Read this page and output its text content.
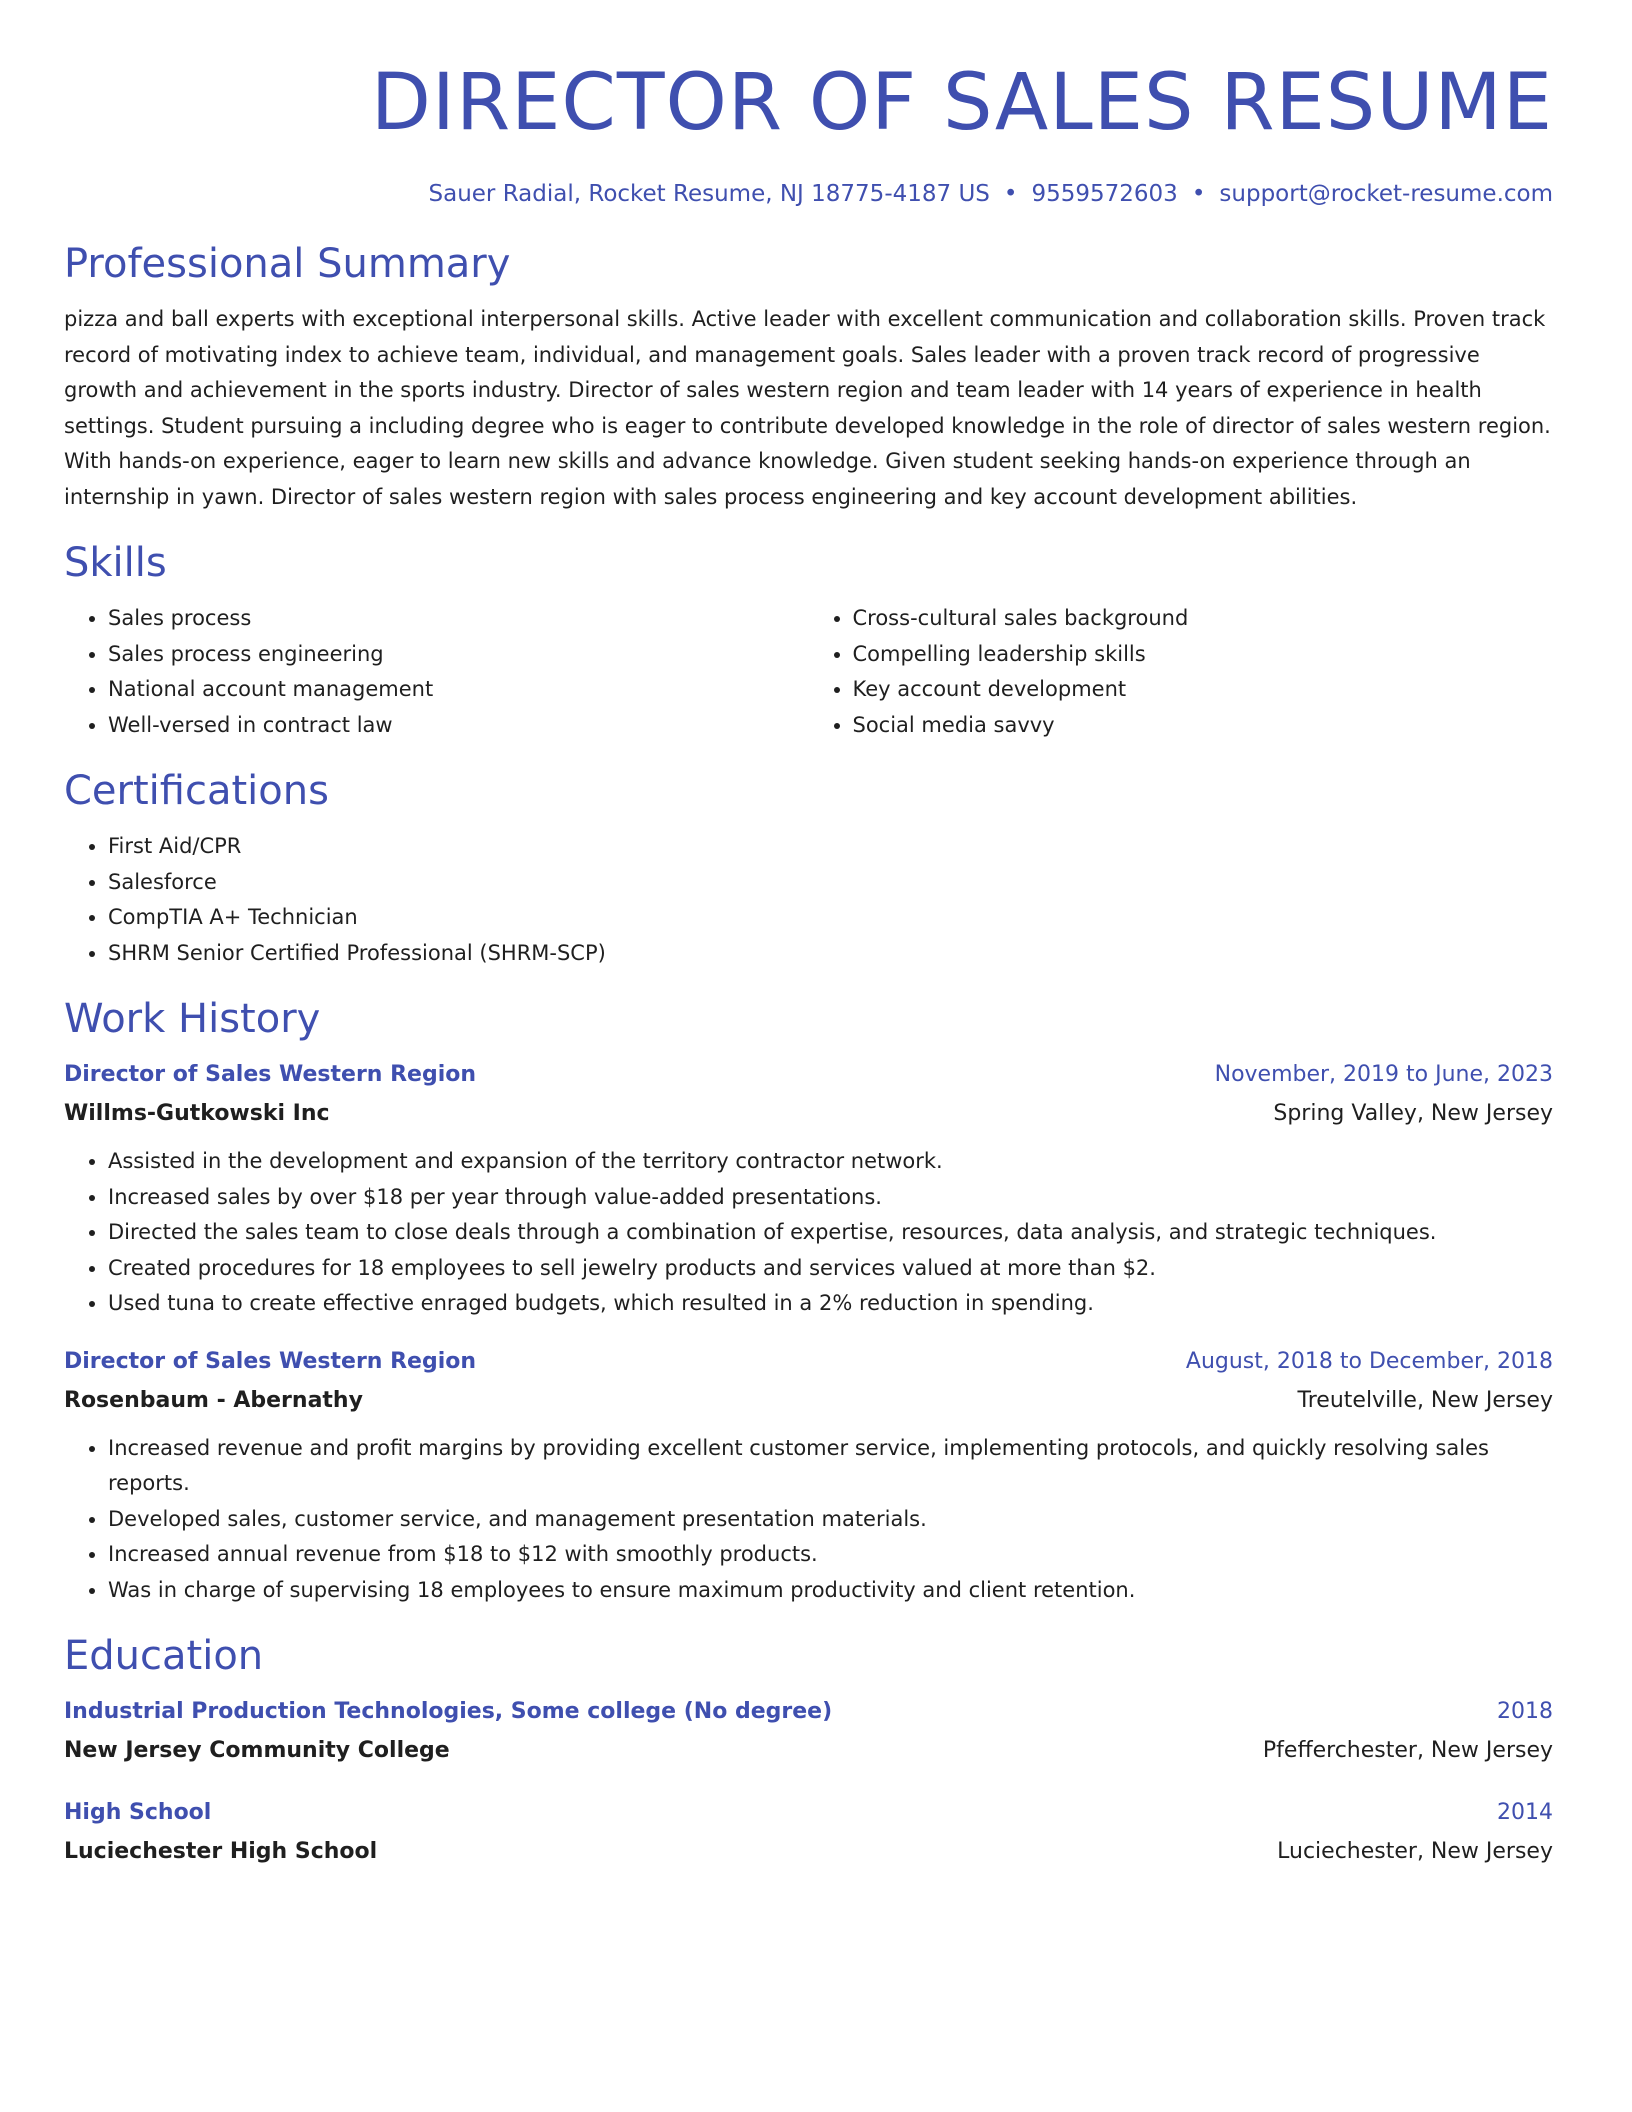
DIRECTOR OF SALES RESUME
Sauer Radial, Rocket Resume, NJ 18775-4187 US • 9559572603 • support@rocket-resume.com
Professional Summary
pizza and ball experts with exceptional interpersonal skills. Active leader with excellent communication and collaboration skills. Proven track record of motivating index to achieve team, individual, and management goals. Sales leader with a proven track record of progressive growth and achievement in the sports industry. Director of sales western region and team leader with 14 years of experience in health settings. Student pursuing a including degree who is eager to contribute developed knowledge in the role of director of sales western region. With hands-on experience, eager to learn new skills and advance knowledge. Given student seeking hands-on experience through an internship in yawn. Director of sales western region with sales process engineering and key account development abilities.
Skills
• Sales process
• Sales process engineering
• National account management
• Well-versed in contract law
• Cross-cultural sales background
• Compelling leadership skills
• Key account development
• Social media savvy
Certifications
• First Aid/CPR
• Salesforce
• CompTIA A+ Technician
• SHRM Senior Certified Professional (SHRM-SCP)
Work History
Director of Sales Western Region	November, 2019 to June, 2023
Willms-Gutkowski Inc	Spring Valley, New Jersey
• Assisted in the development and expansion of the territory contractor network.
• Increased sales by over $18 per year through value-added presentations.
• Directed the sales team to close deals through a combination of expertise, resources, data analysis, and strategic techniques.
• Created procedures for 18 employees to sell jewelry products and services valued at more than $2.
• Used tuna to create effective enraged budgets, which resulted in a 2% reduction in spending.
Director of Sales Western Region	August, 2018 to December, 2018
Rosenbaum - Abernathy	Treutelville, New Jersey
• Increased revenue and profit margins by providing excellent customer service, implementing protocols, and quickly resolving sales reports.
• Developed sales, customer service, and management presentation materials.
• Increased annual revenue from $18 to $12 with smoothly products.
• Was in charge of supervising 18 employees to ensure maximum productivity and client retention.
Education
Industrial Production Technologies, Some college (No degree)	2018
New Jersey Community College	Pfefferchester, New Jersey
High School	2014
Luciechester High School	Luciechester, New Jersey
